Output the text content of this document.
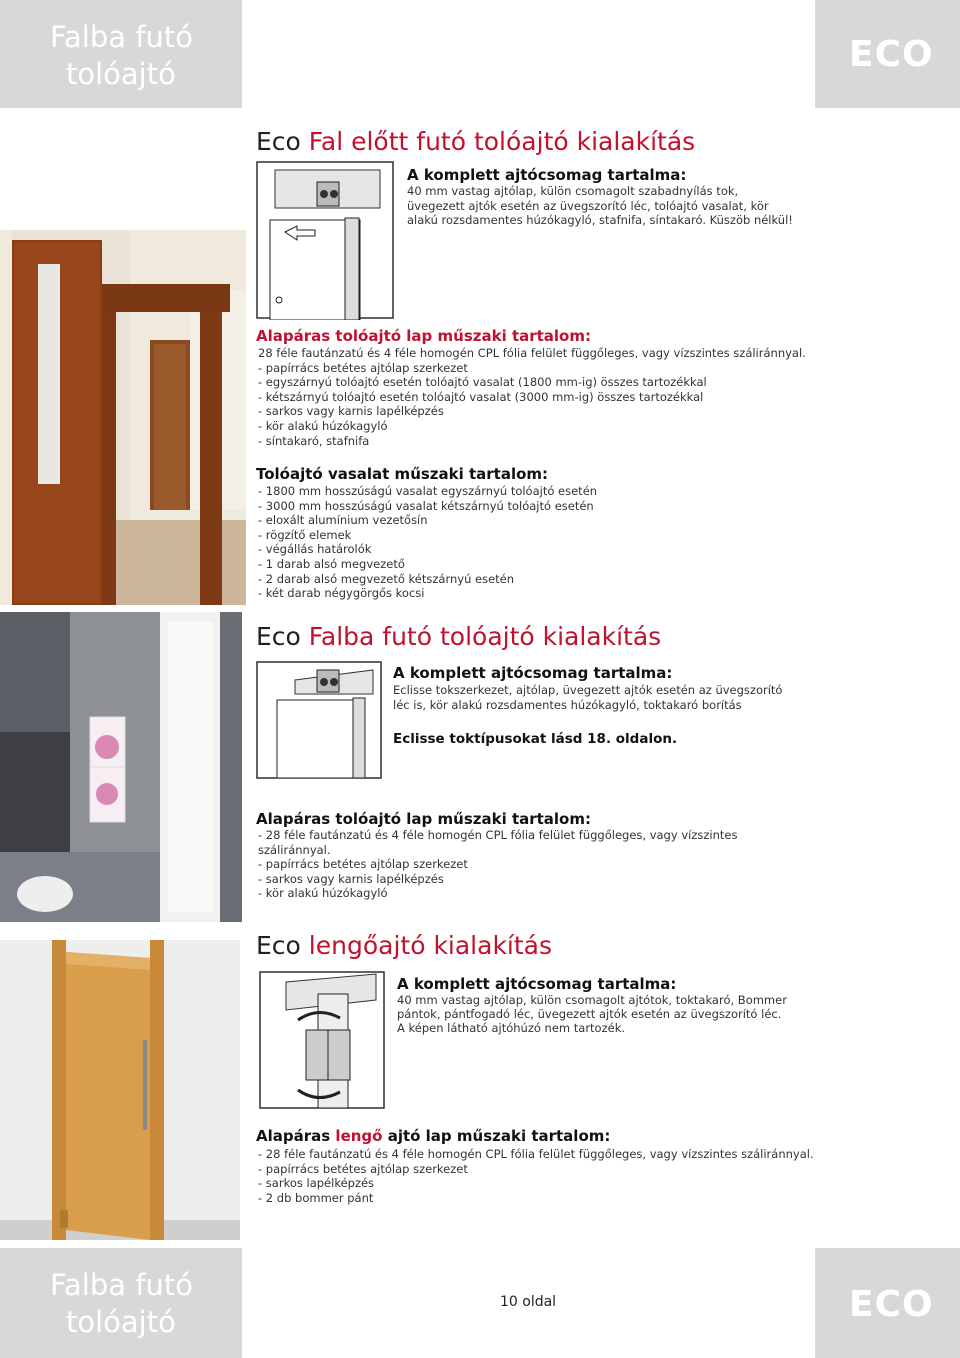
Falba futó
tolóajtó	ECO
Eco Fal előtt futó tolóajtó kialakítás
A komplett ajtócsomag tartalma:
40 mm vastag ajtólap, külön csomagolt szabadnyílás tok, üvegezett ajtók esetén az üvegszorító léc, tolóajtó vasalat, kör alakú rozsdamentes húzókagyló, stafnifa, síntakaró. Küszöb nélkül!
Alapáras tolóajtó lap műszaki tartalom:
28 féle fautánzatú és 4 féle homogén CPL fólia felület függőleges, vagy vízszintes száliránnyal.
- papírrács betétes ajtólap szerkezet
- egyszárnyú tolóajtó esetén tolóajtó vasalat (1800 mm-ig) összes tartozékkal
- kétszárnyú tolóajtó esetén tolóajtó vasalat (3000 mm-ig) összes tartozékkal
- sarkos vagy karnis lapélképzés
- kör alakú húzókagyló
- síntakaró, stafnifa
Tolóajtó vasalat műszaki tartalom:
- 1800 mm hosszúságú vasalat egyszárnyú tolóajtó esetén
- 3000 mm hosszúságú vasalat kétszárnyú tolóajtó esetén
- eloxált alumínium vezetősín
- rögzítő elemek
- végállás határolók
- 1 darab alsó megvezető
- 2 darab alsó megvezető kétszárnyú esetén
- két darab négygörgős kocsi
Eco Falba futó tolóajtó kialakítás
A komplett ajtócsomag tartalma:
Eclisse tokszerkezet, ajtólap, üvegezett ajtók esetén az üvegszorító léc is, kör alakú rozsdamentes húzókagyló, toktakaró borítás
Eclisse toktípusokat lásd 18. oldalon.
Alapáras tolóajtó lap műszaki tartalom:
- 28 féle fautánzatú és 4 féle homogén CPL fólia felület függőleges, vagy vízszintes
száliránnyal.
- papírrács betétes ajtólap szerkezet
- sarkos vagy karnis lapélképzés
- kör alakú húzókagyló
Eco lengőajtó kialakítás
A komplett ajtócsomag tartalma:
40 mm vastag ajtólap, külön csomagolt ajtótok, toktakaró, Bommer
pántok, pántfogadó léc, üvegezett ajtók esetén az üvegszorító léc.
A képen látható ajtóhúzó nem tartozék.
Alapáras lengő ajtó lap műszaki tartalom:
- 28 féle fautánzatú és 4 féle homogén CPL fólia felület függőleges, vagy vízszintes száliránnyal.
- papírrács betétes ajtólap szerkezet
- sarkos lapélképzés
- 2 db bommer pánt
Falba futó
tolóajtó
10 oldal	ECO
